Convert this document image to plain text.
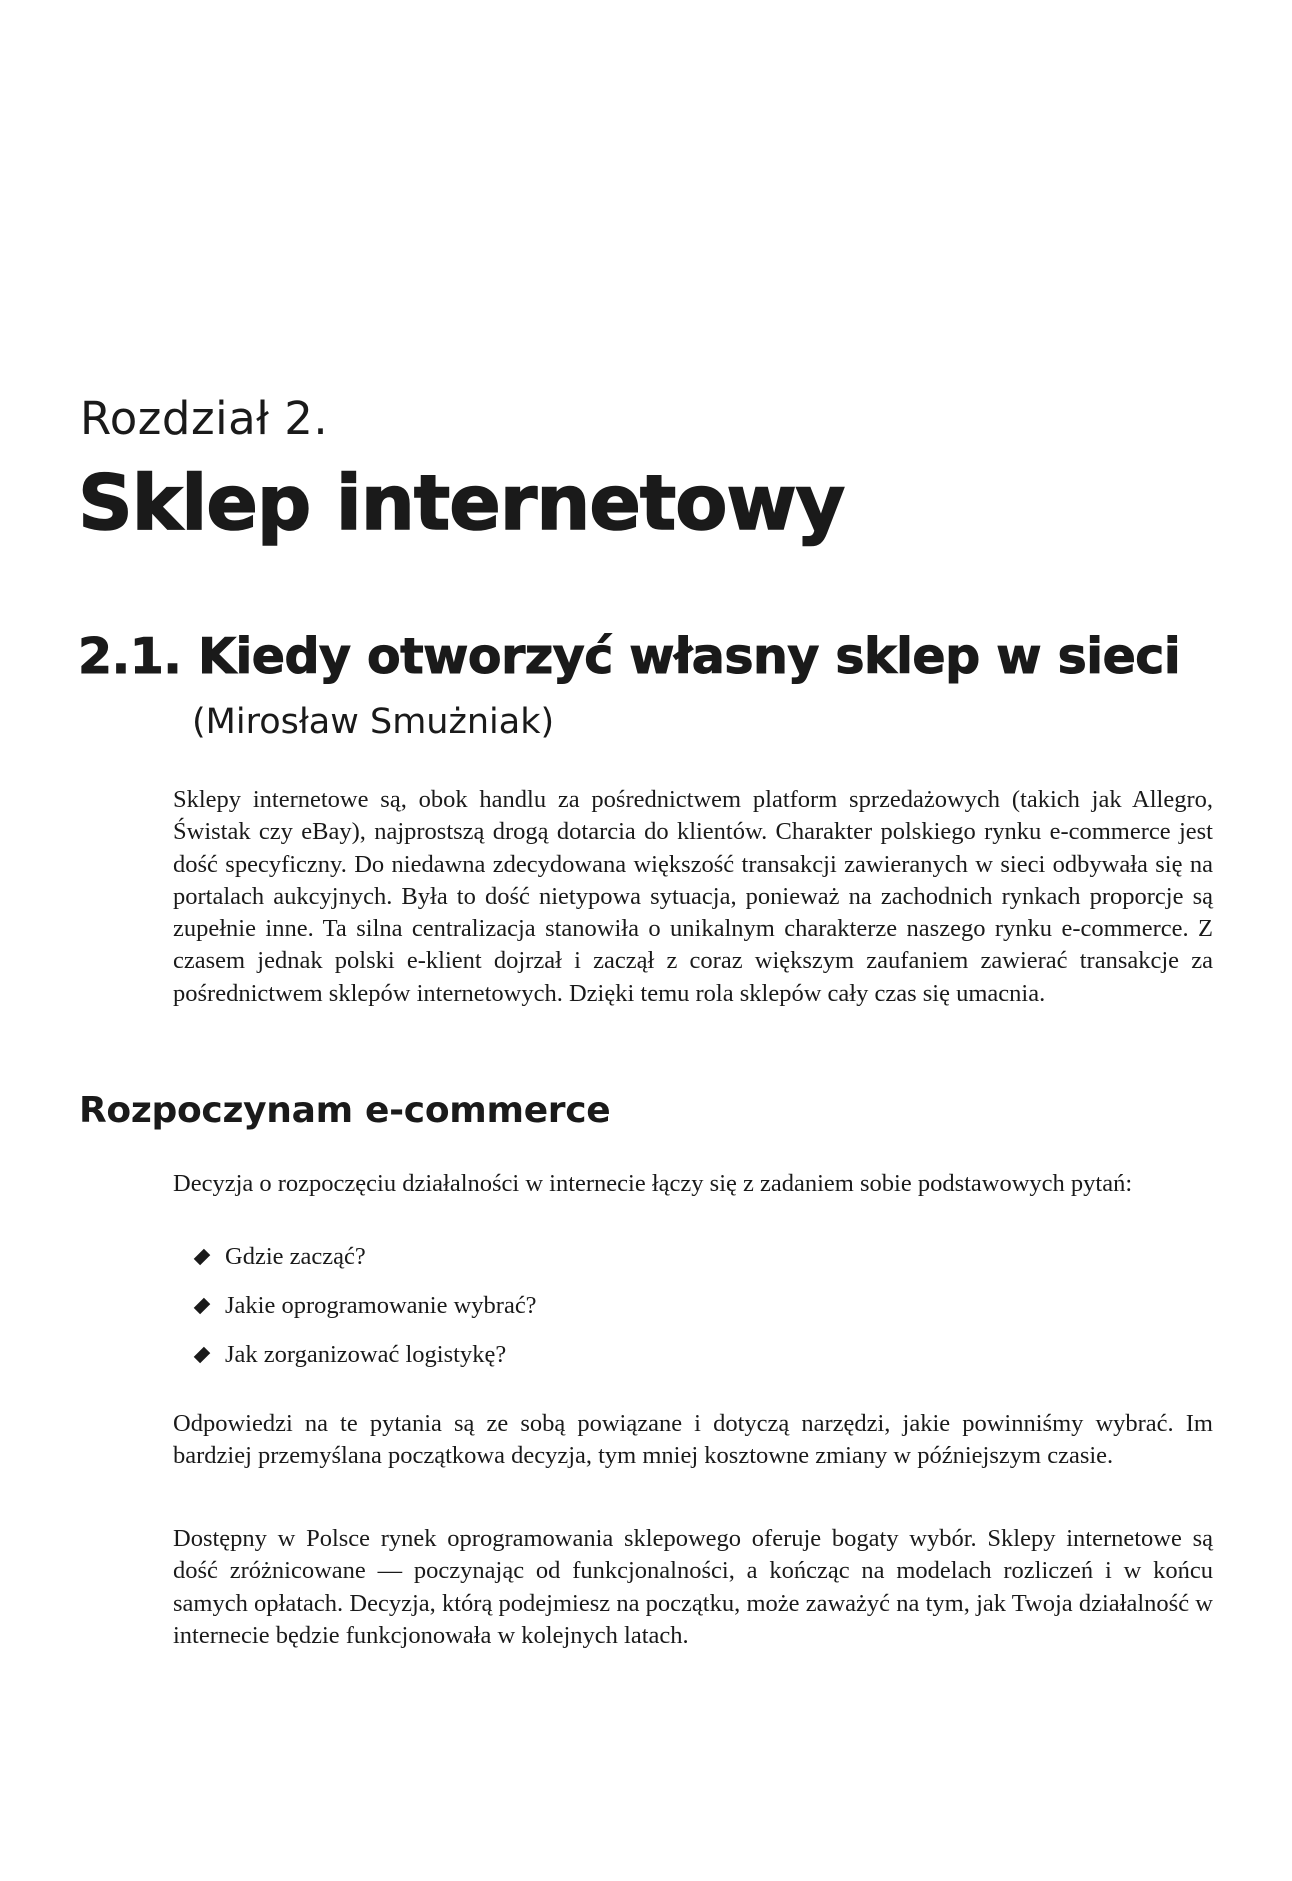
Rozdział 2.
Sklep internetowy
2.1. Kiedy otworzyć własny sklep w sieci
(Mirosław Smużniak)

Sklepy internetowe są, obok handlu za pośrednictwem platform sprzedażowych (takich jak Allegro, Świstak czy eBay), najprostszą drogą dotarcia do klientów. Charakter polskiego rynku e-commerce jest dość specyficzny. Do niedawna zdecydowana większość transakcji zawieranych w sieci odbywała się na portalach aukcyjnych. Była to dość nietypowa sytuacja, ponieważ na zachodnich rynkach proporcje są zupełnie inne. Ta silna centralizacja stanowiła o unikalnym charakterze naszego rynku e-commerce. Z czasem jednak polski e-klient dojrzał i zaczął z coraz większym zaufaniem zawierać transakcje za pośrednictwem sklepów internetowych. Dzięki temu rola sklepów cały czas się umacnia.

Rozpoczynam e-commerce

Decyzja o rozpoczęciu działalności w internecie łączy się z zadaniem sobie podstawowych pytań:

Gdzie zacząć?
Jakie oprogramowanie wybrać?
Jak zorganizować logistykę?

Odpowiedzi na te pytania są ze sobą powiązane i dotyczą narzędzi, jakie powinniśmy wybrać. Im bardziej przemyślana początkowa decyzja, tym mniej kosztowne zmiany w późniejszym czasie.

Dostępny w Polsce rynek oprogramowania sklepowego oferuje bogaty wybór. Sklepy internetowe są dość zróżnicowane — poczynając od funkcjonalności, a kończąc na modelach rozliczeń i w końcu samych opłatach. Decyzja, którą podejmiesz na początku, może zaważyć na tym, jak Twoja działalność w internecie będzie funkcjonowała w kolejnych latach.
